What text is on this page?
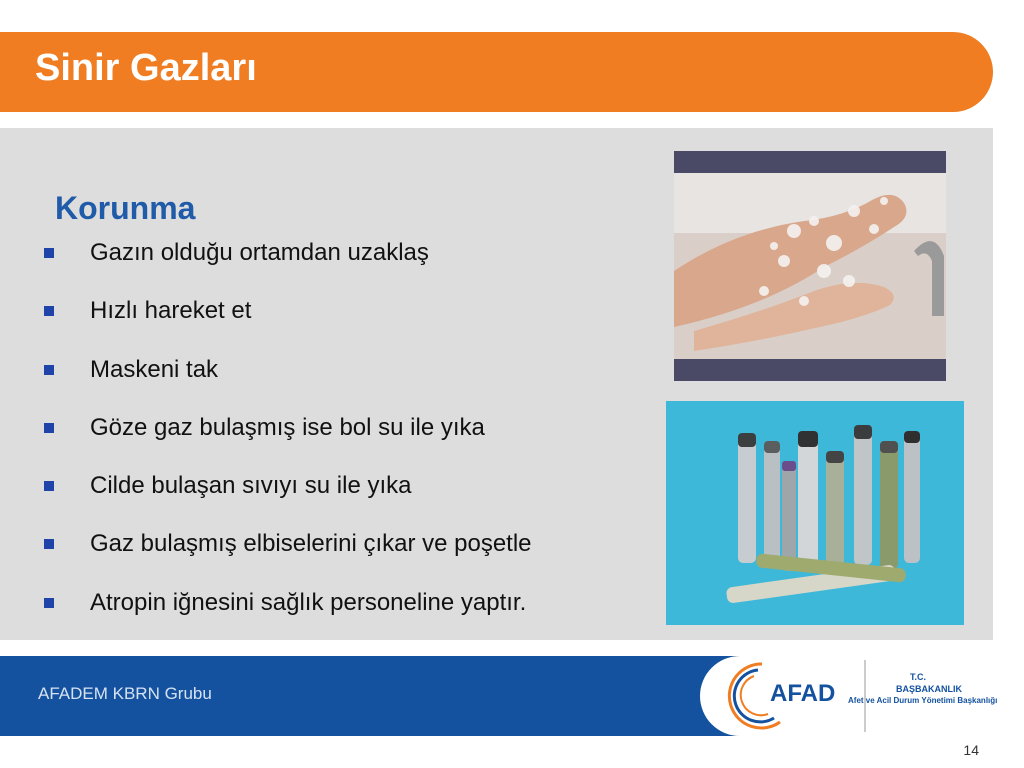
Sinir Gazları
Korunma
Gazın olduğu ortamdan uzaklaş
Hızlı hareket et
Maskeni tak
Göze gaz bulaşmış ise bol su ile yıka
Cilde bulaşan sıvıyı su ile yıka
Gaz bulaşmış elbiselerini çıkar ve poşetle
Atropin iğnesini sağlık personeline yaptır.
AFADEM KBRN Grubu	AFAD
T.C.
BAŞBAKANLIK
Afet ve Acil Durum Yönetimi Başkanlığı
14
